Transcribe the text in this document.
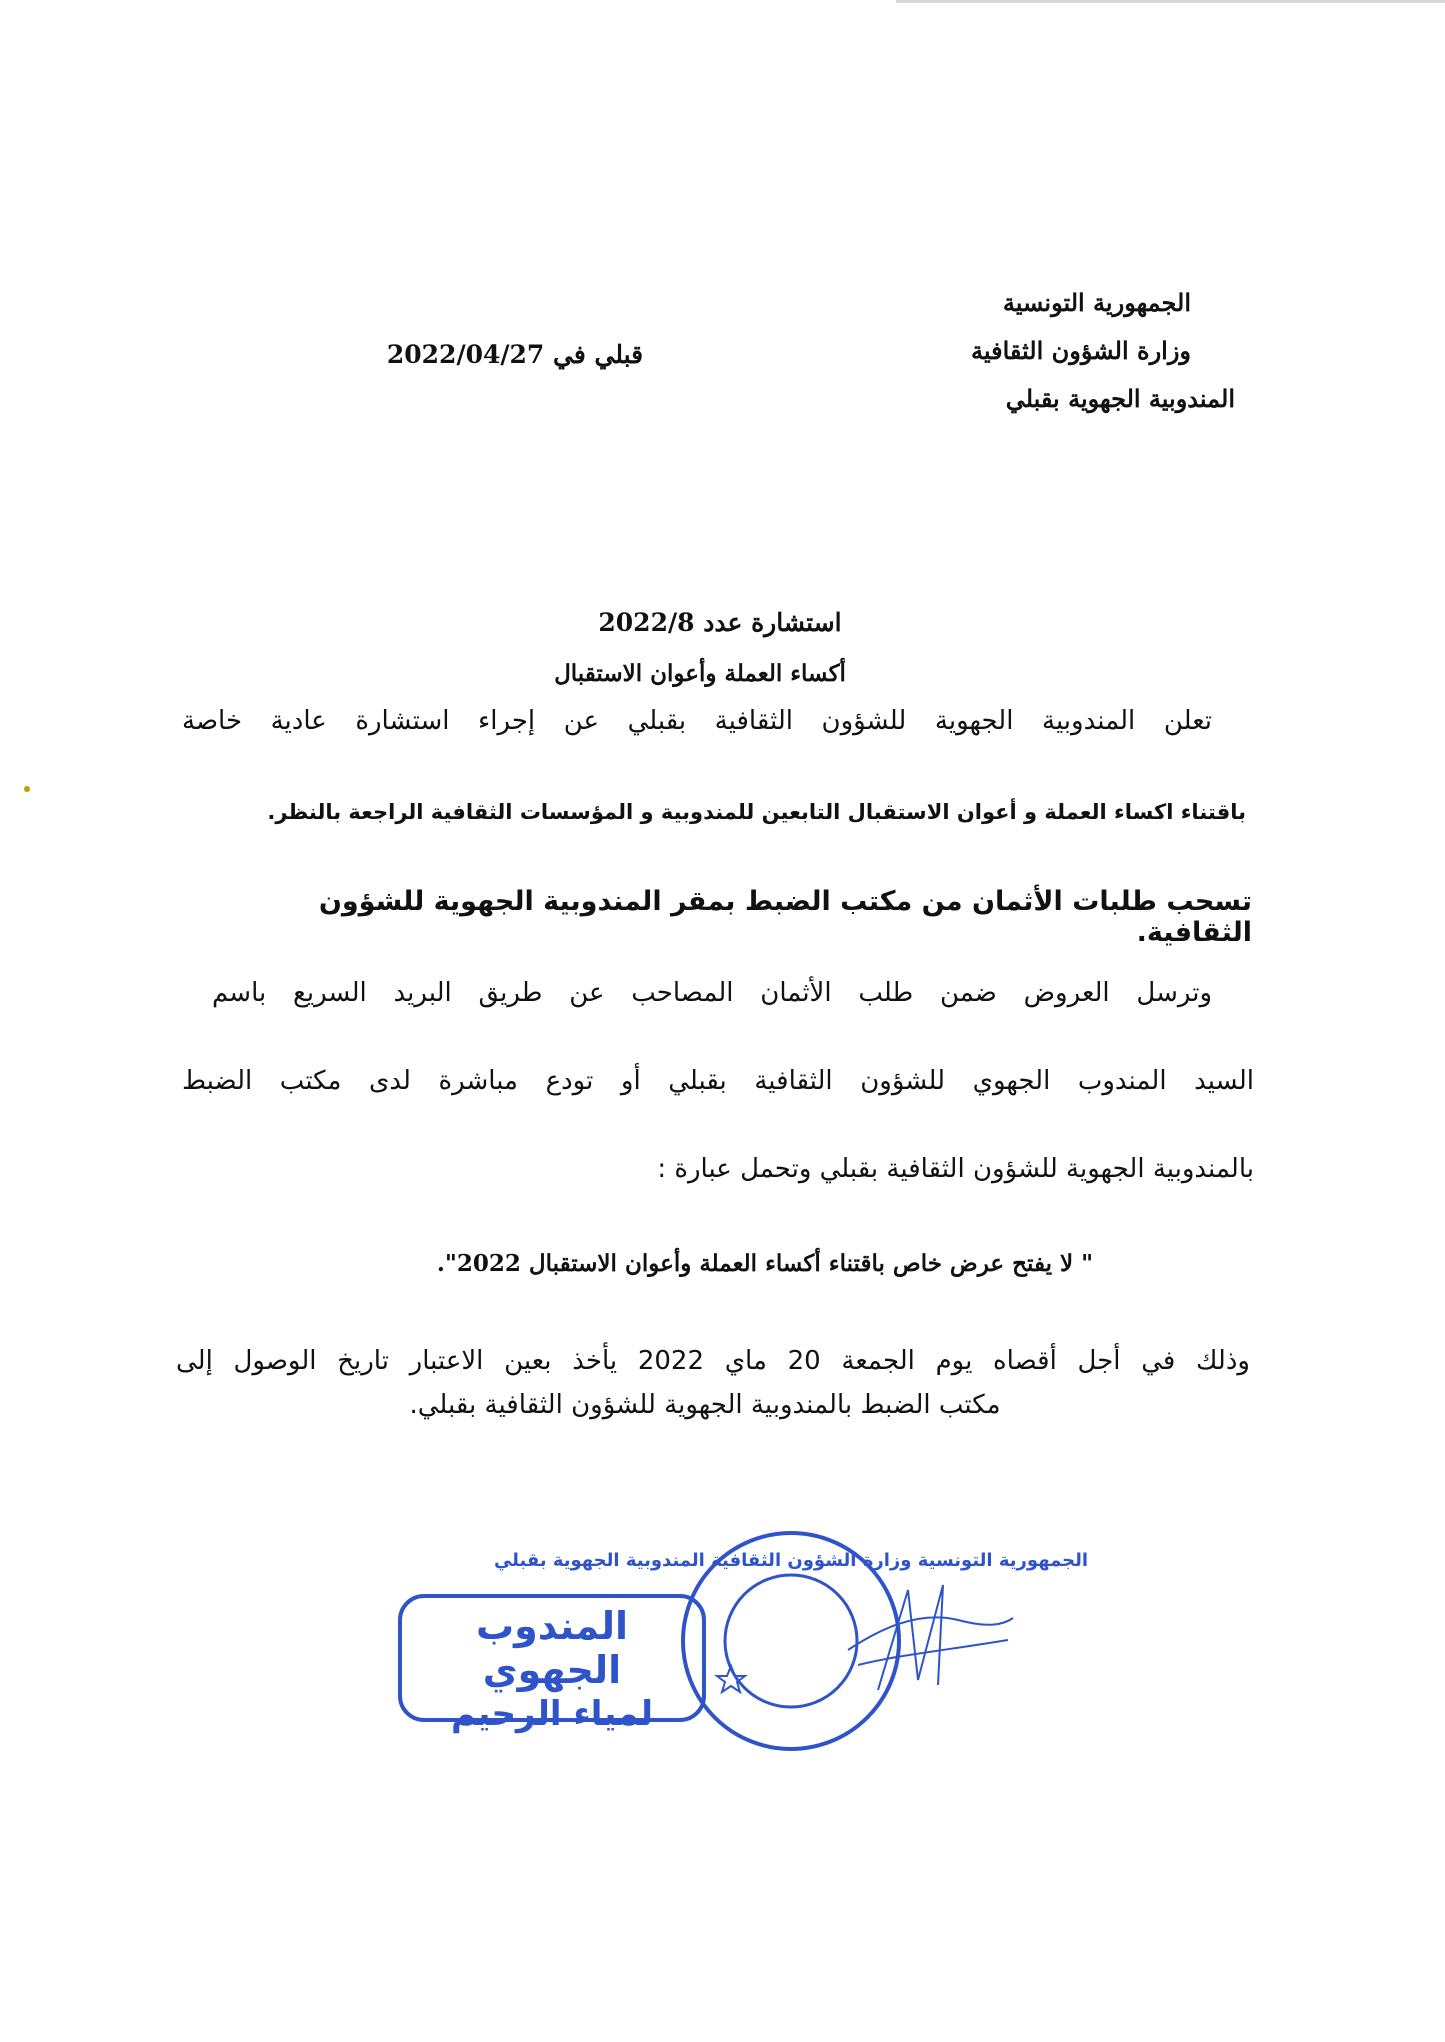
الجمهورية التونسية
وزارة الشؤون الثقافية
المندوبية الجهوية بقبلي
قبلي في 2022/04/27
استشارة عدد 2022/8
أكساء العملة وأعوان الاستقبال
تعلن المندوبية الجهوية للشؤون الثقافية بقبلي عن إجراء استشارة عادية خاصة
باقتناء اكساء العملة و أعوان الاستقبال التابعين للمندوبية و المؤسسات الثقافية الراجعة بالنظر.
تسحب طلبات الأثمان من مكتب الضبط بمقر المندوبية الجهوية للشؤون الثقافية.
وترسل العروض ضمن طلب الأثمان المصاحب عن طريق البريد السريع باسم
السيد المندوب الجهوي للشؤون الثقافية بقبلي أو تودع مباشرة لدى مكتب الضبط
بالمندوبية الجهوية للشؤون الثقافية بقبلي وتحمل عبارة :
" لا يفتح عرض خاص باقتناء أكساء العملة وأعوان الاستقبال 2022".
وذلك في أجل أقصاه يوم الجمعة 20 ماي 2022 يأخذ بعين الاعتبار تاريخ الوصول إلى
مكتب الضبط بالمندوبية الجهوية للشؤون الثقافية بقبلي.
المندوب الجهوي
لمياء الرحيم
الجمهورية التونسية وزارة الشؤون الثقافية المندوبية الجهوية بقبلي
